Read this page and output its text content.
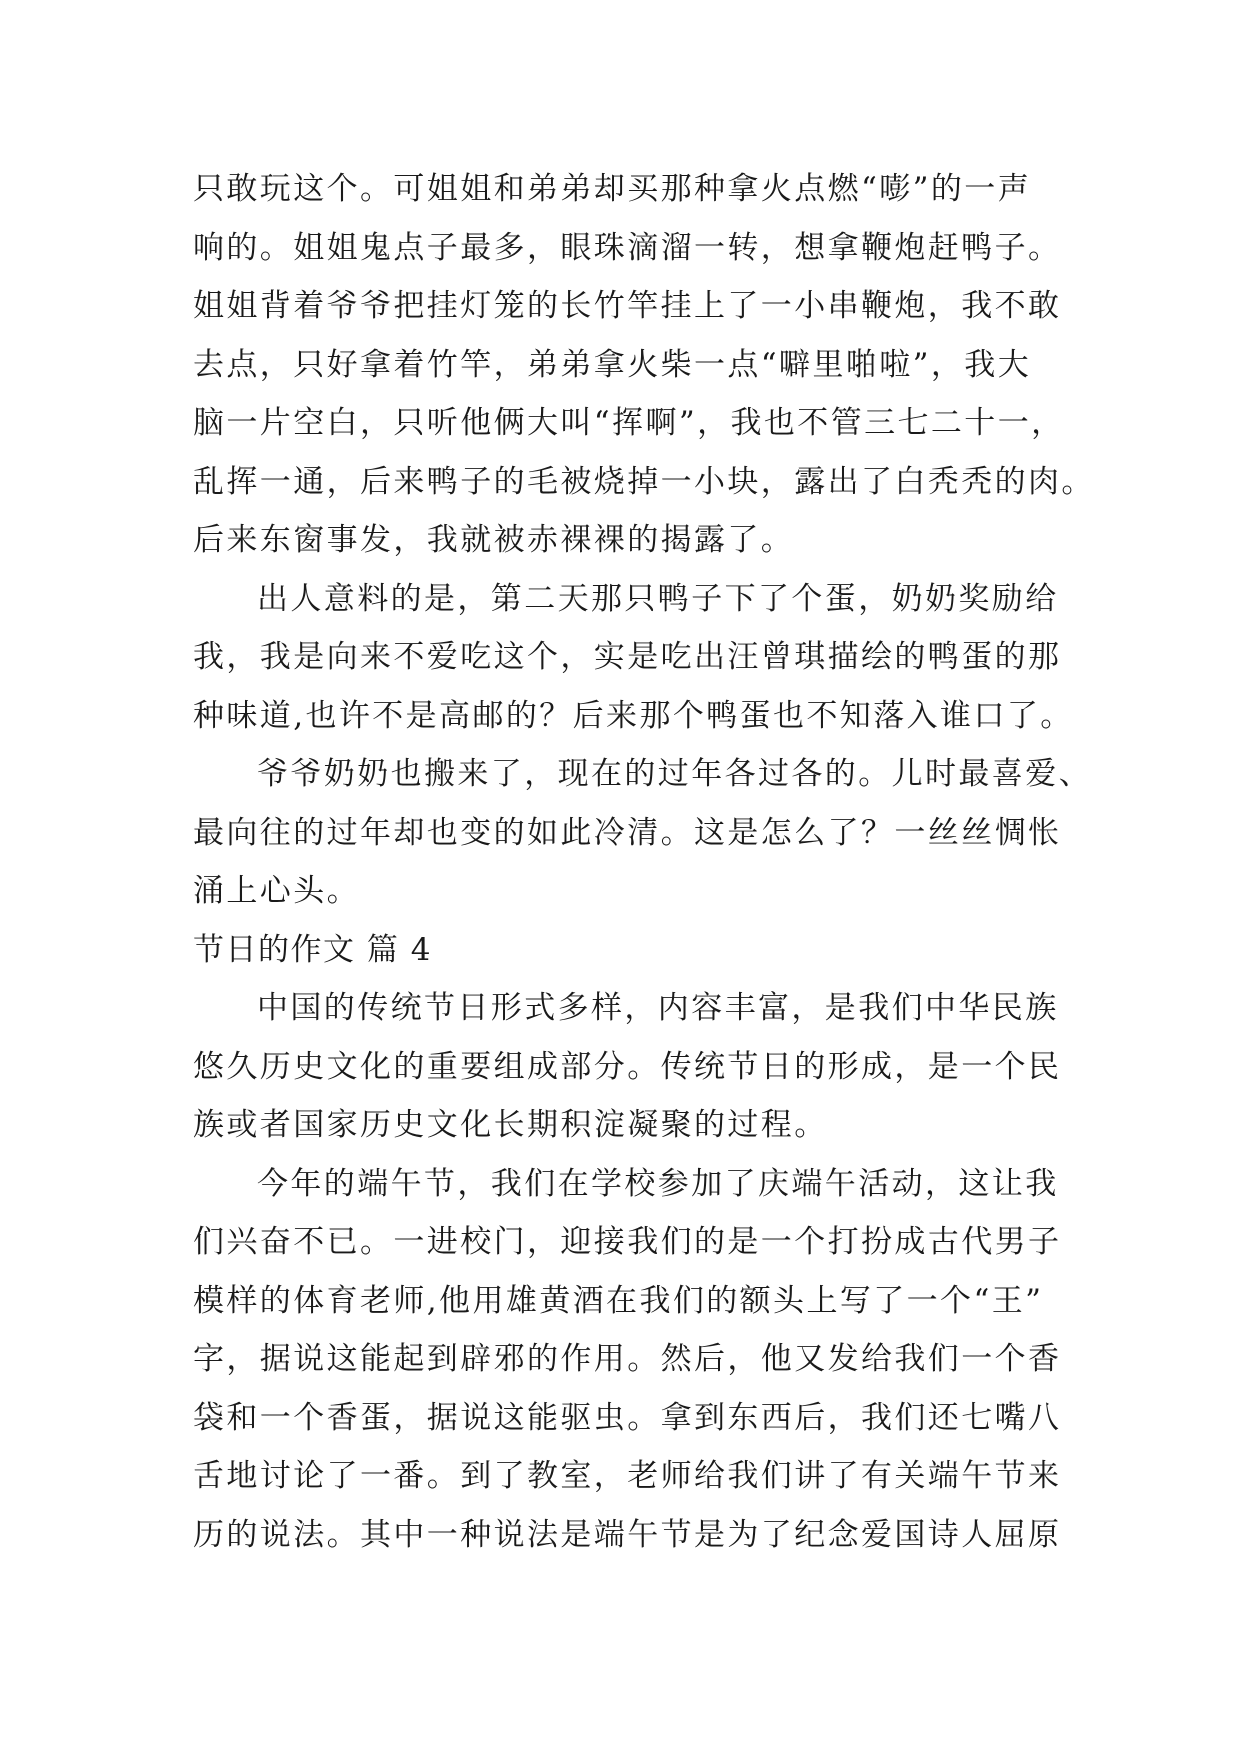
只敢玩这个。可姐姐和弟弟却买那种拿火点燃“嘭”的一声
响的。姐姐鬼点子最多，眼珠滴溜一转，想拿鞭炮赶鸭子。
姐姐背着爷爷把挂灯笼的长竹竿挂上了一小串鞭炮，我不敢
去点，只好拿着竹竿，弟弟拿火柴一点“噼里啪啦”，我大
脑一片空白，只听他俩大叫“挥啊”，我也不管三七二十一，
乱挥一通，后来鸭子的毛被烧掉一小块，露出了白秃秃的肉。
后来东窗事发，我就被赤裸裸的揭露了。
出人意料的是，第二天那只鸭子下了个蛋，奶奶奖励给
我，我是向来不爱吃这个，实是吃出汪曾琪描绘的鸭蛋的那
种味道,也许不是高邮的？后来那个鸭蛋也不知落入谁口了。
爷爷奶奶也搬来了，现在的过年各过各的。儿时最喜爱、
最向往的过年却也变的如此冷清。这是怎么了？一丝丝惆怅
涌上心头。
节日的作文 篇 4
中国的传统节日形式多样，内容丰富，是我们中华民族
悠久历史文化的重要组成部分。传统节日的形成，是一个民
族或者国家历史文化长期积淀凝聚的过程。
今年的端午节，我们在学校参加了庆端午活动，这让我
们兴奋不已。一进校门，迎接我们的是一个打扮成古代男子
模样的体育老师,他用雄黄酒在我们的额头上写了一个“王”
字，据说这能起到辟邪的作用。然后，他又发给我们一个香
袋和一个香蛋，据说这能驱虫。拿到东西后，我们还七嘴八
舌地讨论了一番。到了教室，老师给我们讲了有关端午节来
历的说法。其中一种说法是端午节是为了纪念爱国诗人屈原
